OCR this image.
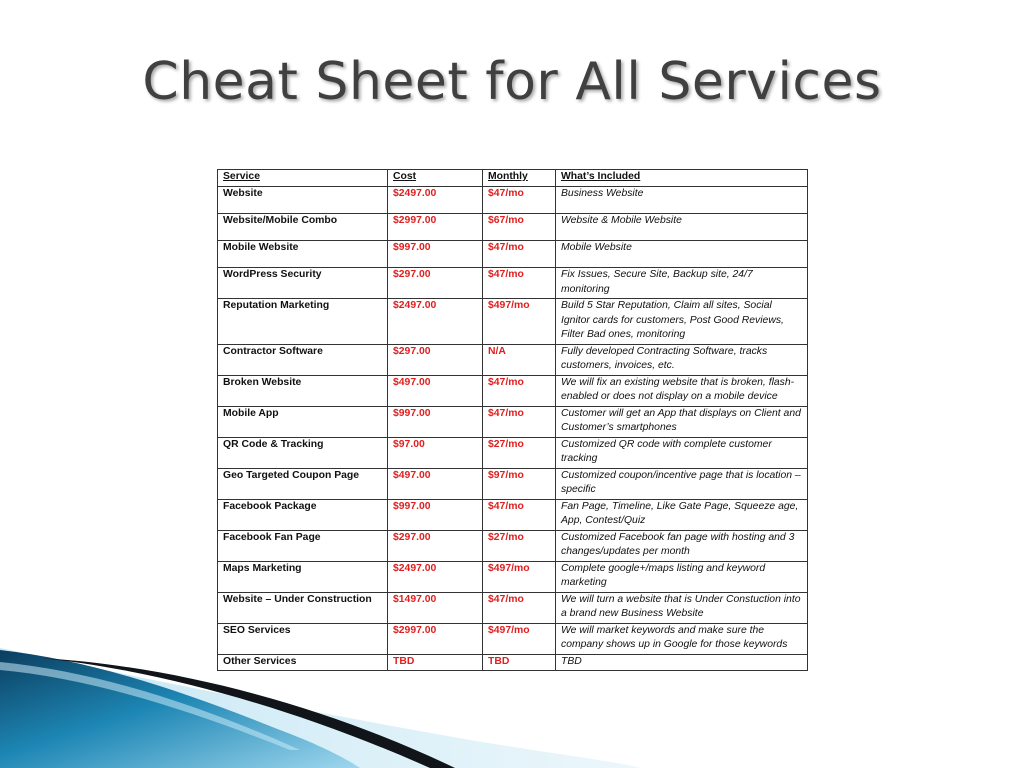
Cheat Sheet for All Services
Service	Cost	Monthly	What’s Included
Website	$2497.00	$47/mo	Business Website
Website/Mobile Combo	$2997.00	$67/mo	Website & Mobile Website
Mobile Website	$997.00	$47/mo	Mobile Website
WordPress Security	$297.00	$47/mo	Fix Issues, Secure Site, Backup site, 24/7 monitoring
Reputation Marketing	$2497.00	$497/mo	Build 5 Star Reputation, Claim all sites, Social Ignitor cards for customers, Post Good Reviews, Filter Bad ones, monitoring
Contractor Software	$297.00	N/A	Fully developed Contracting Software, tracks customers, invoices, etc.
Broken Website	$497.00	$47/mo	We will fix an existing website that is broken, flash-enabled or does not display on a mobile device
Mobile App	$997.00	$47/mo	Customer will get an App that displays on Client and Customer’s smartphones
QR Code & Tracking	$97.00	$27/mo	Customized QR code with complete customer tracking
Geo Targeted Coupon Page	$497.00	$97/mo	Customized coupon/incentive page that is location –specific
Facebook Package	$997.00	$47/mo	Fan Page, Timeline, Like Gate Page, Squeeze age, App, Contest/Quiz
Facebook Fan Page	$297.00	$27/mo	Customized Facebook fan page with hosting and 3 changes/updates per month
Maps Marketing	$2497.00	$497/mo	Complete google+/maps listing and keyword marketing
Website – Under Construction	$1497.00	$47/mo	We will turn a website that is Under Constuction into a brand new Business Website
SEO Services	$2997.00	$497/mo	We will market keywords and make sure the company shows up in Google for those keywords
Other Services	TBD	TBD	TBD
